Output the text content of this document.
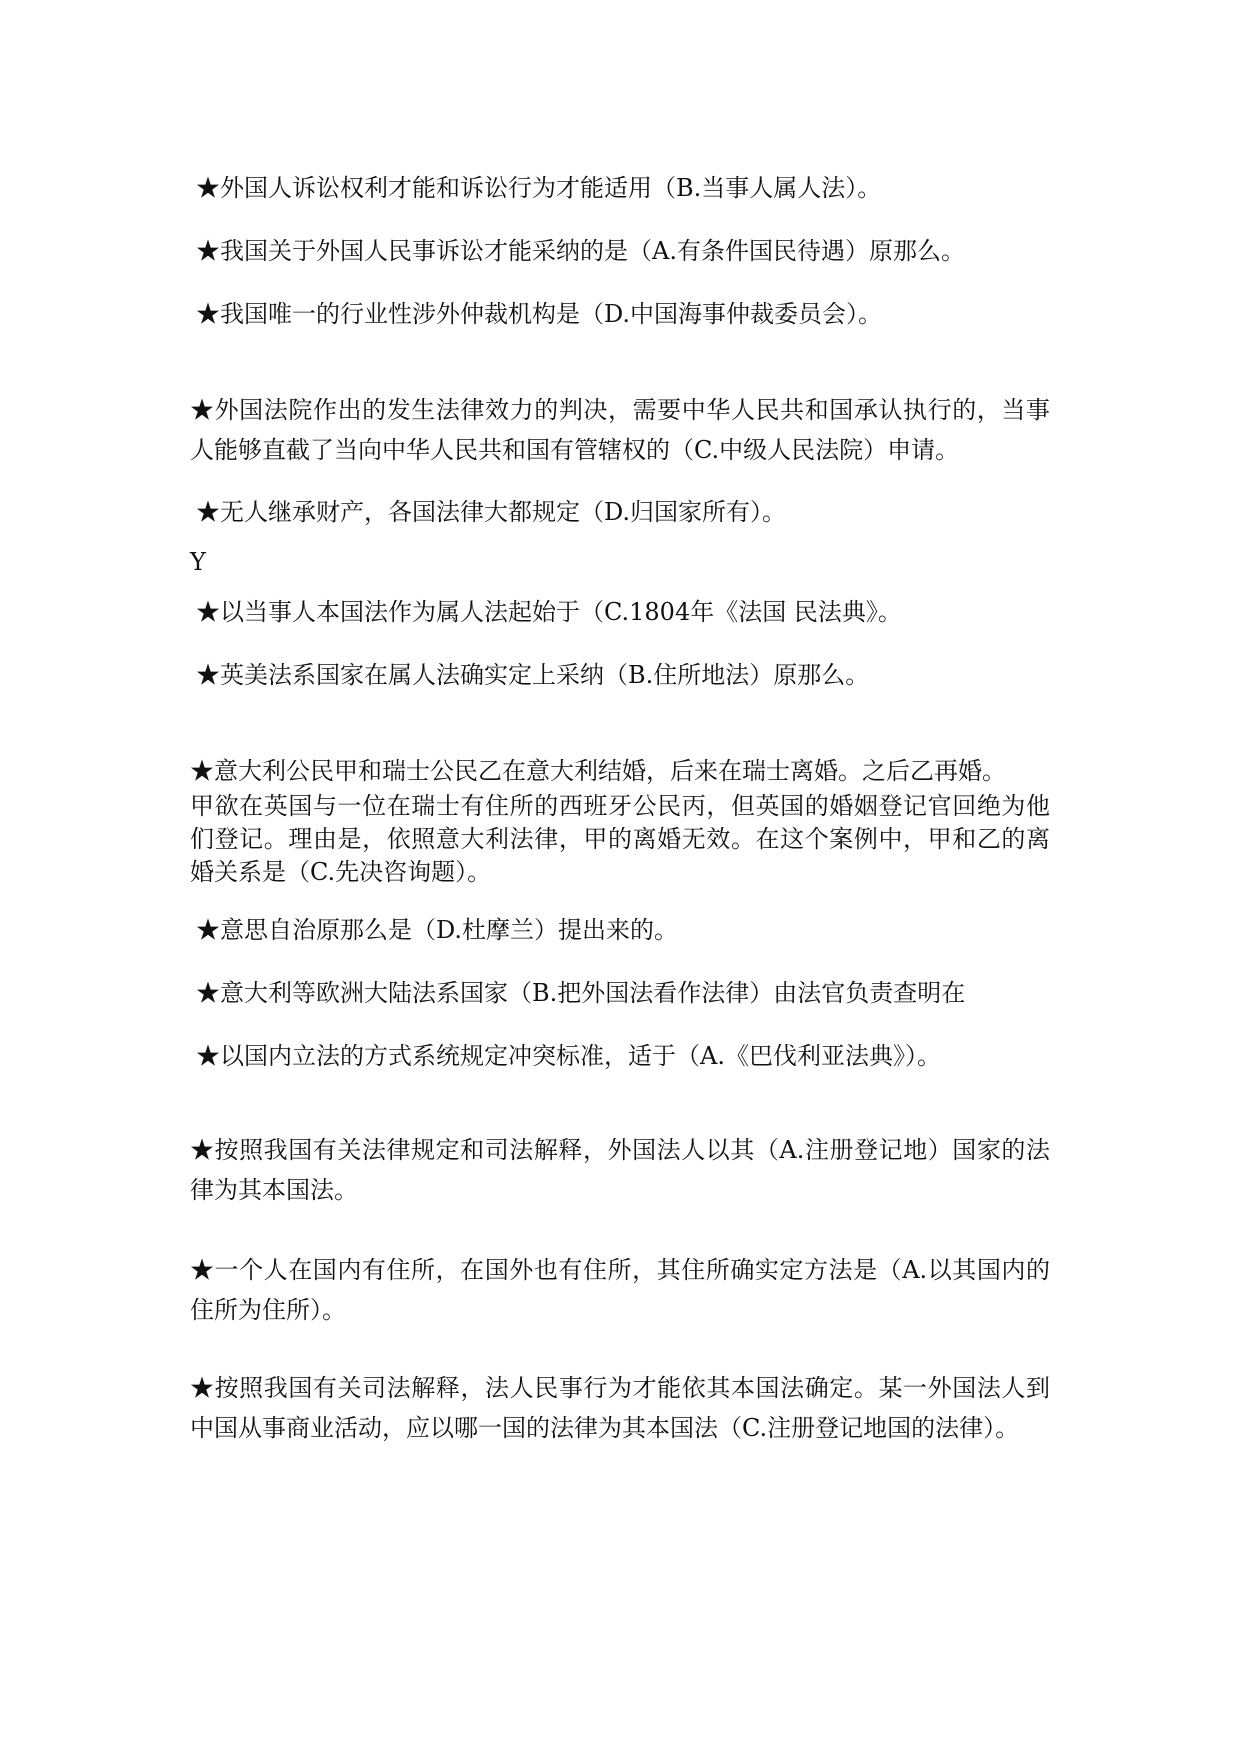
★外国人诉讼权利才能和诉讼行为才能适用（B.当事人属人法）。

★我国关于外国人民事诉讼才能采纳的是（A.有条件国民待遇）原那么。

★我国唯一的行业性涉外仲裁机构是（D.中国海事仲裁委员会）。

★外国法院作出的发生法律效力的判决，需要中华人民共和国承认执行的，当事人能够直截了当向中华人民共和国有管辖权的（C.中级人民法院）申请。

★无人继承财产，各国法律大都规定（D.归国家所有）。

Y

★以当事人本国法作为属人法起始于（C.1804年《法国 民法典》。

★英美法系国家在属人法确实定上采纳（B.住所地法）原那么。

★意大利公民甲和瑞士公民乙在意大利结婚，后来在瑞士离婚。之后乙再婚。

甲欲在英国与一位在瑞士有住所的西班牙公民丙，但英国的婚姻登记官回绝为他们登记。理由是，依照意大利法律，甲的离婚无效。在这个案例中，甲和乙的离婚关系是（C.先决咨询题）。

★意思自治原那么是（D.杜摩兰）提出来的。

★意大利等欧洲大陆法系国家（B.把外国法看作法律）由法官负责查明在

★以国内立法的方式系统规定冲突标准，适于（A.《巴伐利亚法典》）。

★按照我国有关法律规定和司法解释，外国法人以其（A.注册登记地）国家的法律为其本国法。

★一个人在国内有住所，在国外也有住所，其住所确实定方法是（A.以其国内的住所为住所）。

★按照我国有关司法解释，法人民事行为才能依其本国法确定。某一外国法人到中国从事商业活动，应以哪一国的法律为其本国法（C.注册登记地国的法律）。
